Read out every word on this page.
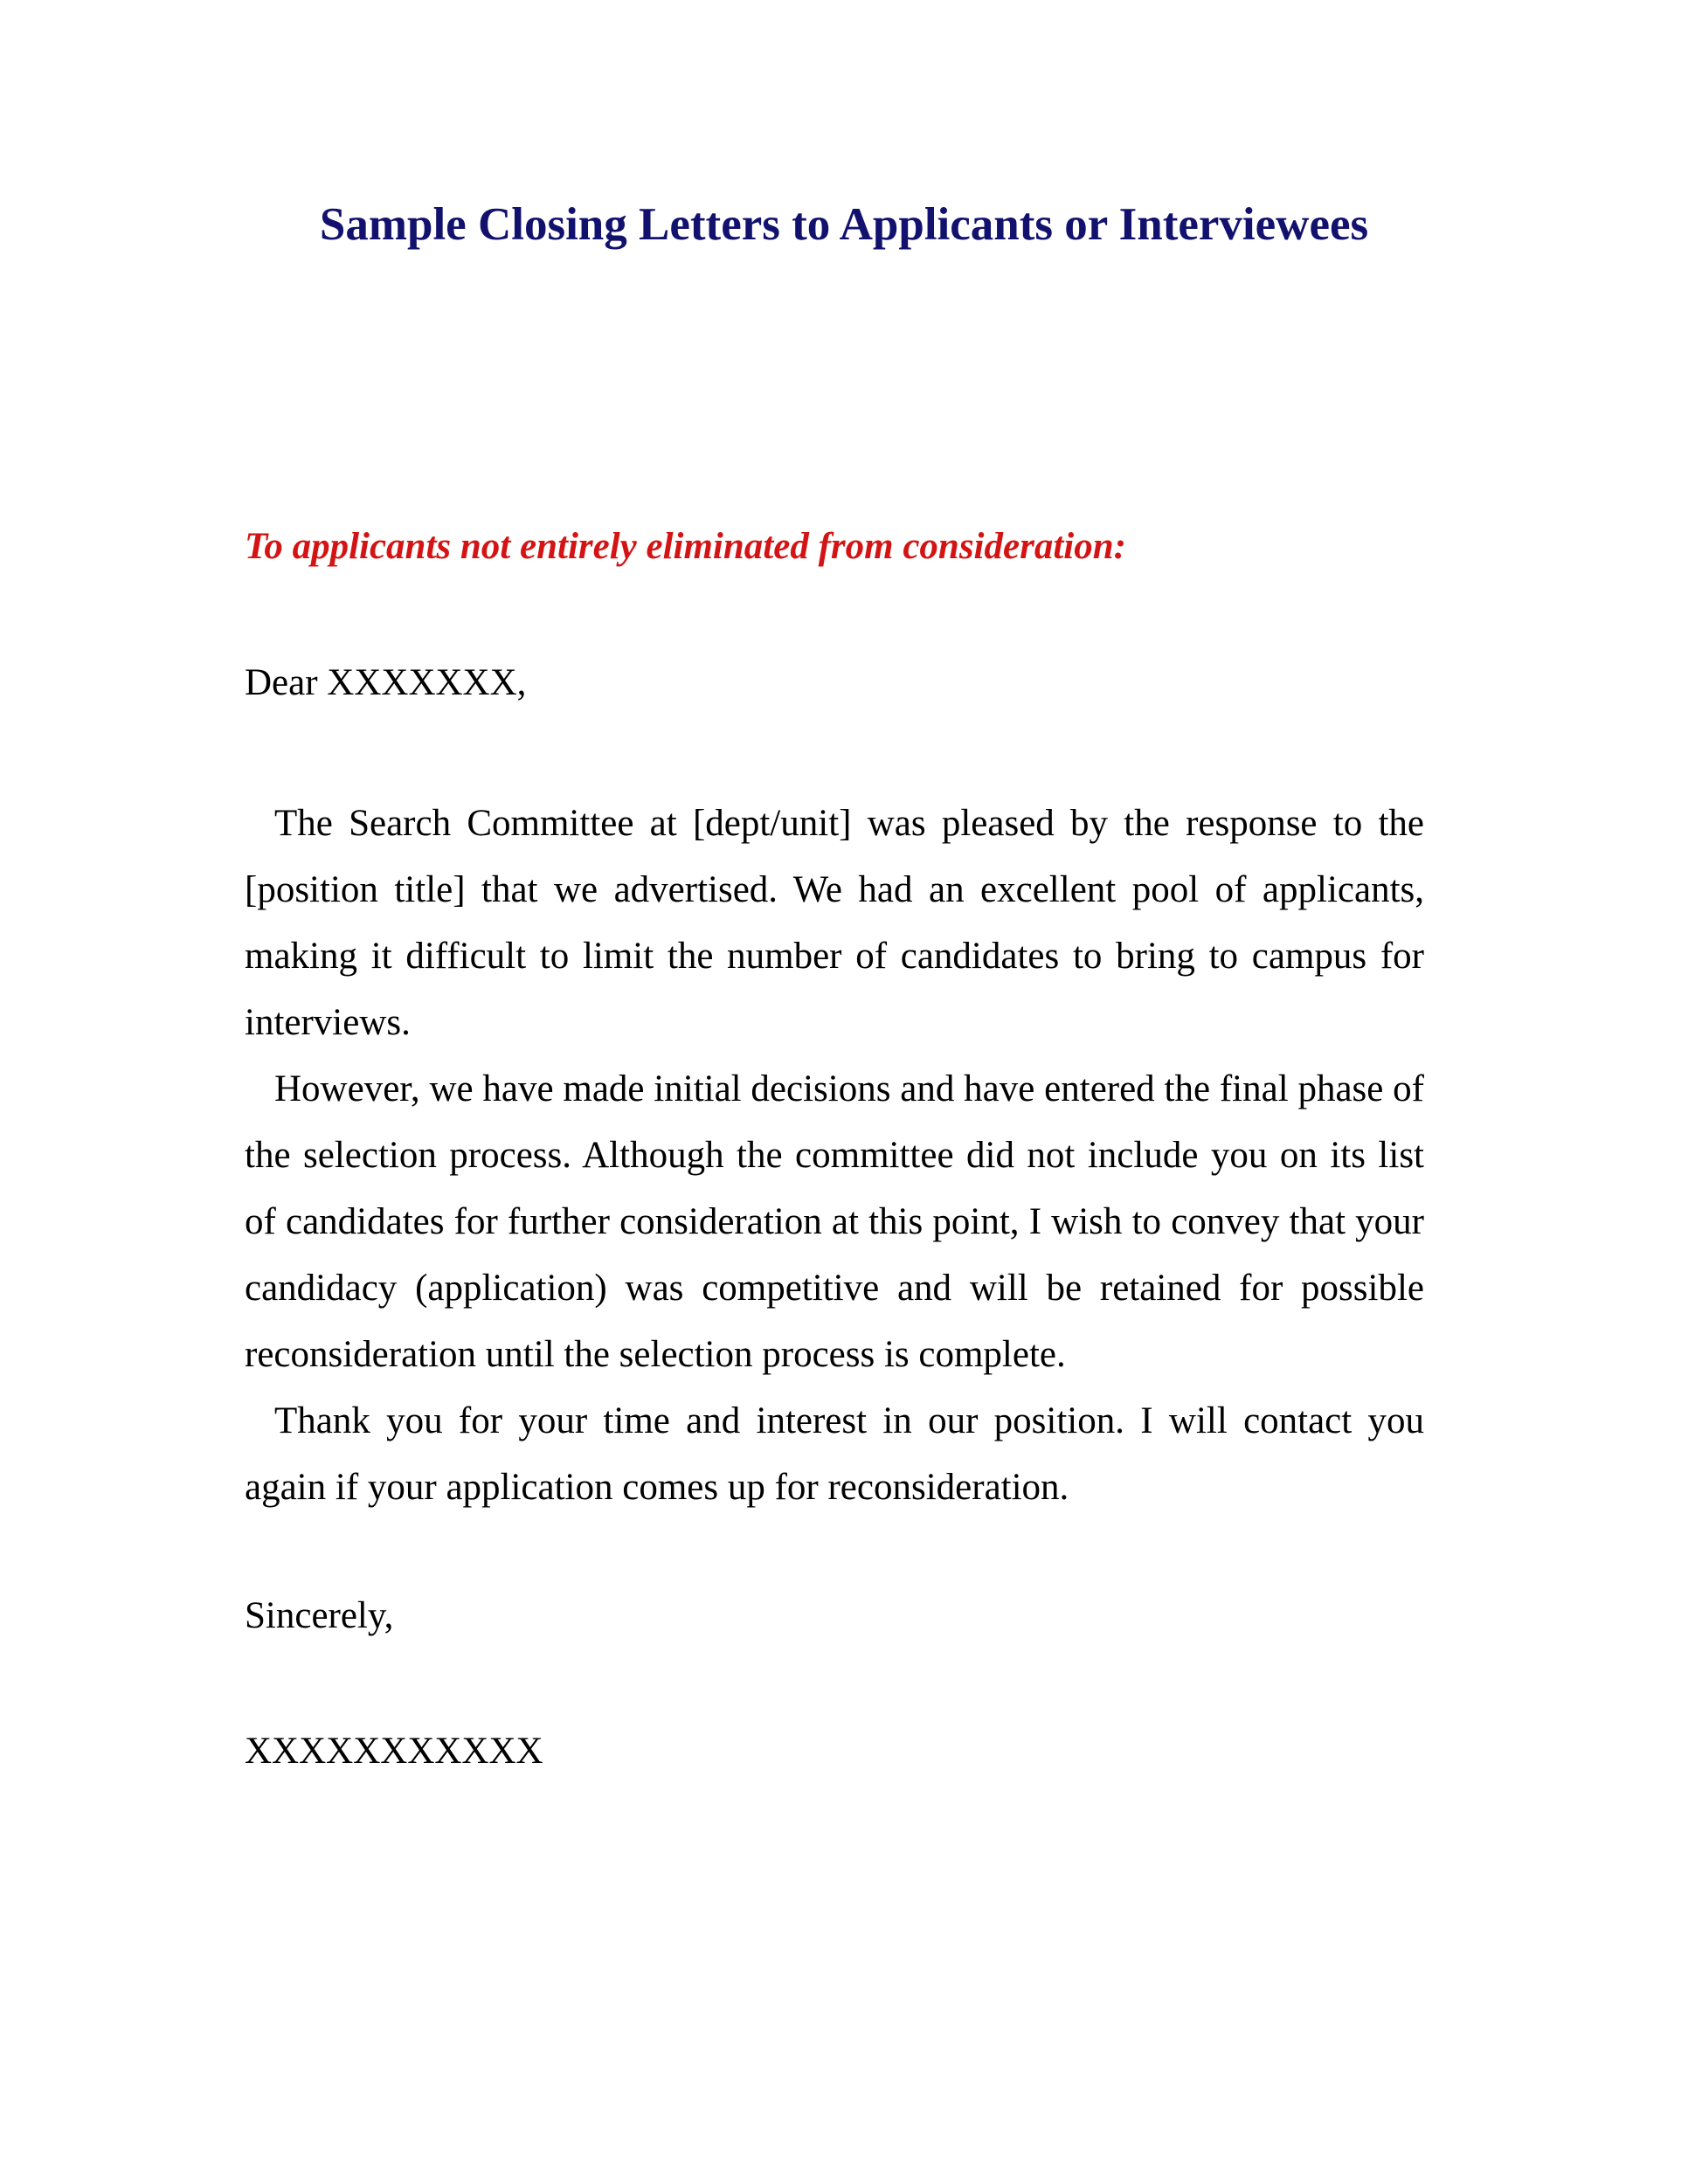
Sample Closing Letters to Applicants or Interviewees
To applicants not entirely eliminated from consideration:
Dear XXXXXXX,

The Search Committee at [dept/unit] was pleased by the response to the [position title] that we advertised. We had an excellent pool of applicants, making it difficult to limit the number of candidates to bring to campus for interviews.

However, we have made initial decisions and have entered the final phase of the selection process. Although the committee did not include you on its list of candidates for further consideration at this point, I wish to convey that your candidacy (application) was competitive and will be retained for possible reconsideration until the selection process is complete.

Thank you for your time and interest in our position. I will contact you again if your application comes up for reconsideration.

Sincerely,
XXXXXXXXXXX
